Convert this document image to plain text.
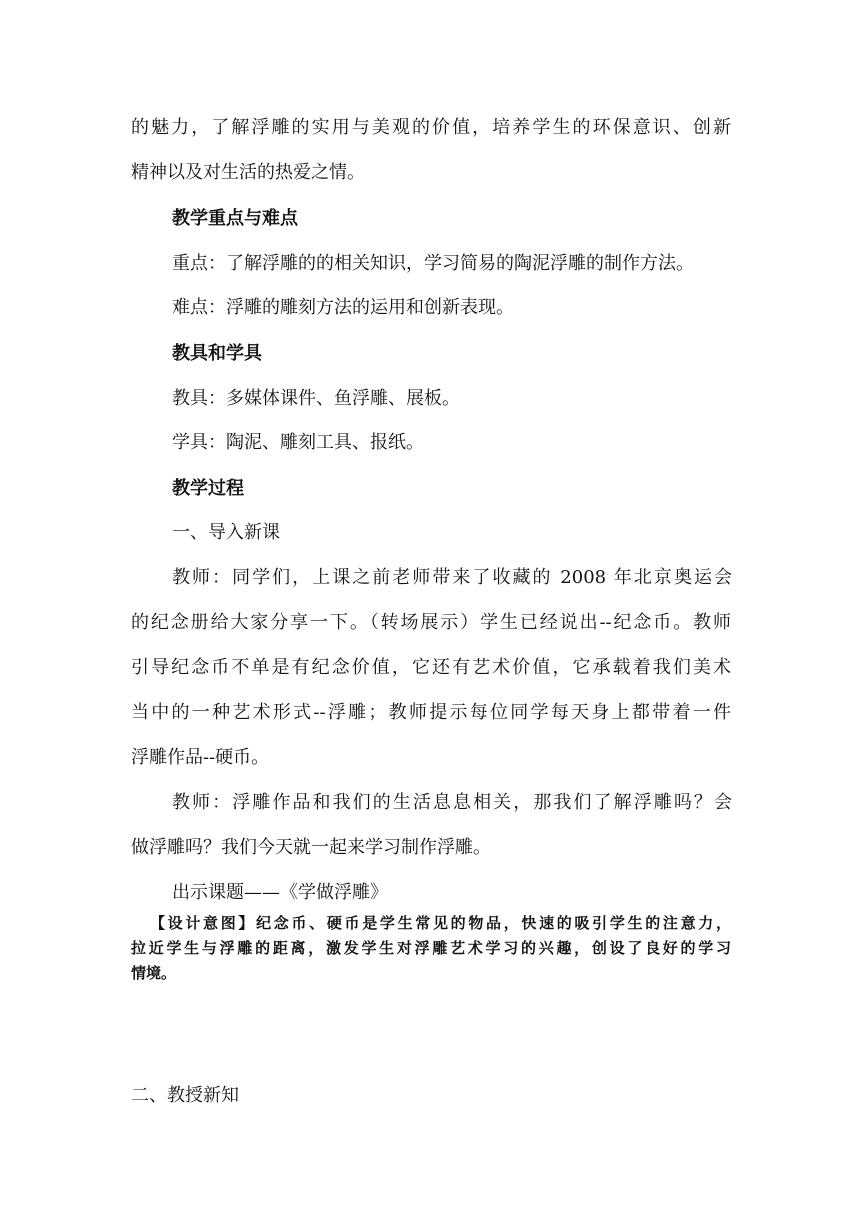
的魅力，了解浮雕的实用与美观的价值，培养学生的环保意识、创新
精神以及对生活的热爱之情。
教学重点与难点
重点：了解浮雕的的相关知识，学习简易的陶泥浮雕的制作方法。
难点：浮雕的雕刻方法的运用和创新表现。
教具和学具
教具：多媒体课件、鱼浮雕、展板。
学具：陶泥、雕刻工具、报纸。
教学过程
一、导入新课
教师：同学们，上课之前老师带来了收藏的 2008 年北京奥运会
的纪念册给大家分享一下。（转场展示）学生已经说出--纪念币。教师
引导纪念币不单是有纪念价值，它还有艺术价值，它承载着我们美术
当中的一种艺术形式--浮雕；教师提示每位同学每天身上都带着一件
浮雕作品--硬币。
教师：浮雕作品和我们的生活息息相关，那我们了解浮雕吗？会
做浮雕吗？我们今天就一起来学习制作浮雕。
出示课题——《学做浮雕》
【设计意图】纪念币、硬币是学生常见的物品，快速的吸引学生的注意力，
拉近学生与浮雕的距离，激发学生对浮雕艺术学习的兴趣，创设了良好的学习
情境。
二、教授新知
